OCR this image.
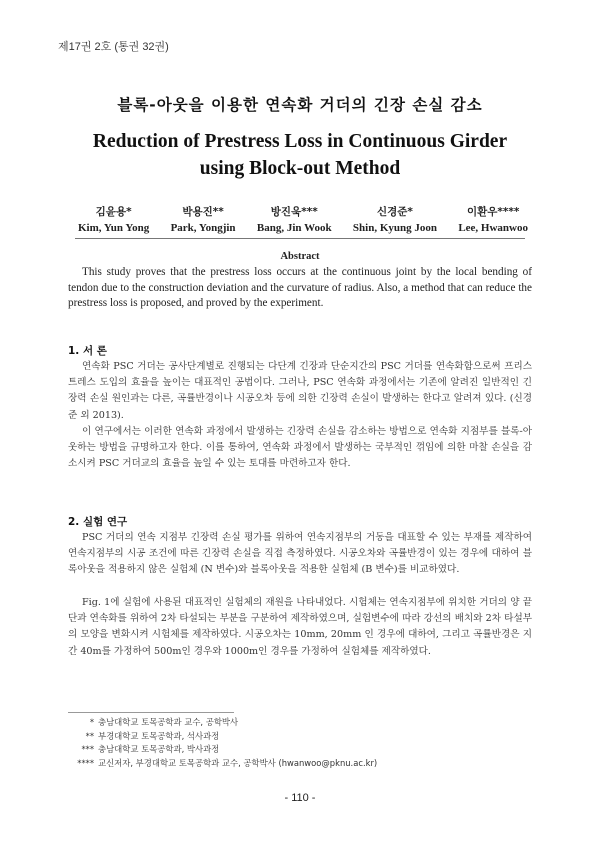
제17권 2호 (통권 32권)
블록-아웃을 이용한 연속화 거더의 긴장 손실 감소
Reduction of Prestress Loss in Continuous Girder
using Block-out Method
김윤용*
Kim, Yun Yong
박용진**
Park, Yongjin
방진욱***
Bang, Jin Wook
신경준*
Shin, Kyung Joon
이환우****
Lee, Hwanwoo
Abstract
This study proves that the prestress loss occurs at the continuous joint by the local bending of tendon due to the construction deviation and the curvature of radius. Also, a method that can reduce the prestress loss is proposed, and proved by the experiment.
1. 서 론
연속화 PSC 거더는 공사단계별로 진행되는 다단계 긴장과 단순지간의 PSC 거더를 연속화함으로써 프리스트레스 도입의 효율을 높이는 대표적인 공법이다. 그러나, PSC 연속화 과정에서는 기존에 알려진 일반적인 긴장력 손실 원인과는 다른, 곡률반경이나 시공오차 등에 의한 긴장력 손실이 발생하는 한다고 알려져 있다. (신경준 외 2013).
이 연구에서는 이러한 연속화 과정에서 발생하는 긴장력 손실을 감소하는 방법으로 연속화 지점부를 블록-아웃하는 방법을 규명하고자 한다. 이를 통하여, 연속화 과정에서 발생하는 국부적인 꺾임에 의한 마찰 손실을 감소시켜 PSC 거더교의 효율을 높일 수 있는 토대를 마련하고자 한다.
2. 실험 연구
PSC 거더의 연속 지점부 긴장력 손실 평가를 위하여 연속지점부의 거동을 대표할 수 있는 부재를 제작하여 연속지점부의 시공 조건에 따른 긴장력 손실을 직접 측정하였다. 시공오차와 곡률반경이 있는 경우에 대하여 블록아웃을 적용하지 않은 실험체 (N 변수)와 블록아웃을 적용한 실험체 (B 변수)를 비교하였다.
Fig. 1에 실험에 사용된 대표적인 실험체의 재원을 나타내었다. 시험체는 연속지점부에 위치한 거더의 양 끝단과 연속화를 위하여 2차 타설되는 부분을 구분하여 제작하였으며, 실험변수에 따라 강선의 배치와 2차 타설부의 모양을 변화시켜 시험체를 제작하였다. 시공오차는 10mm, 20mm 인 경우에 대하여, 그리고 곡률반경은 지간 40m를 가정하여 500m인 경우와 1000m인 경우를 가정하여 실험체를 제작하였다.
* 충남대학교 토목공학과 교수, 공학박사
** 부경대학교 토목공학과, 석사과정
*** 충남대학교 토목공학과, 박사과정
**** 교신저자, 부경대학교 토목공학과 교수, 공학박사 (hwanwoo@pknu.ac.kr)
- 110 -
